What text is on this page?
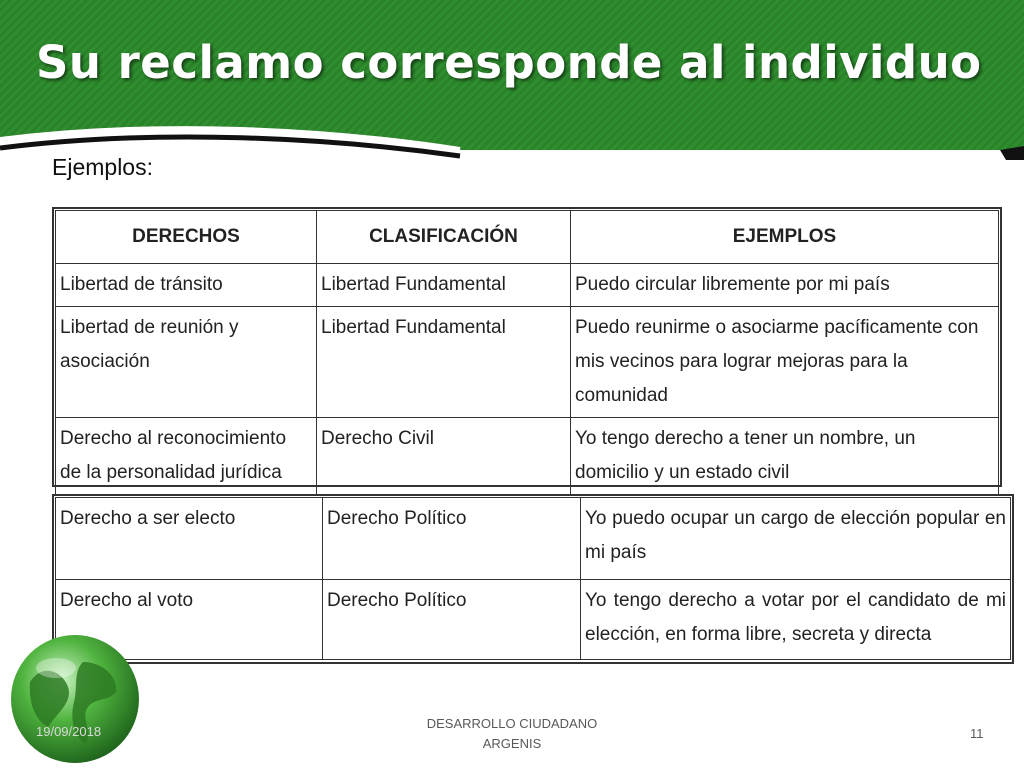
Su reclamo corresponde al individuo
Ejemplos:
DERECHOS	CLASIFICACIÓN	EJEMPLOS
Libertad de tránsito	Libertad Fundamental	Puedo circular libremente por mi país
Libertad de reunión y asociación	Libertad Fundamental	Puedo reunirme o asociarme pacíficamente con mis vecinos para lograr mejoras para la comunidad
Derecho al reconocimiento de la personalidad jurídica	Derecho Civil	Yo tengo derecho a tener un nombre, un domicilio y un estado civil
Derecho a ser electo	Derecho Político	Yo puedo ocupar un cargo de elección popular en mi país
Derecho al voto	Derecho Político	Yo tengo derecho a votar por el candidato de mi elección, en forma libre, secreta y directa
19/09/2018
DESARROLLO CIUDADANO
ARGENIS
11
